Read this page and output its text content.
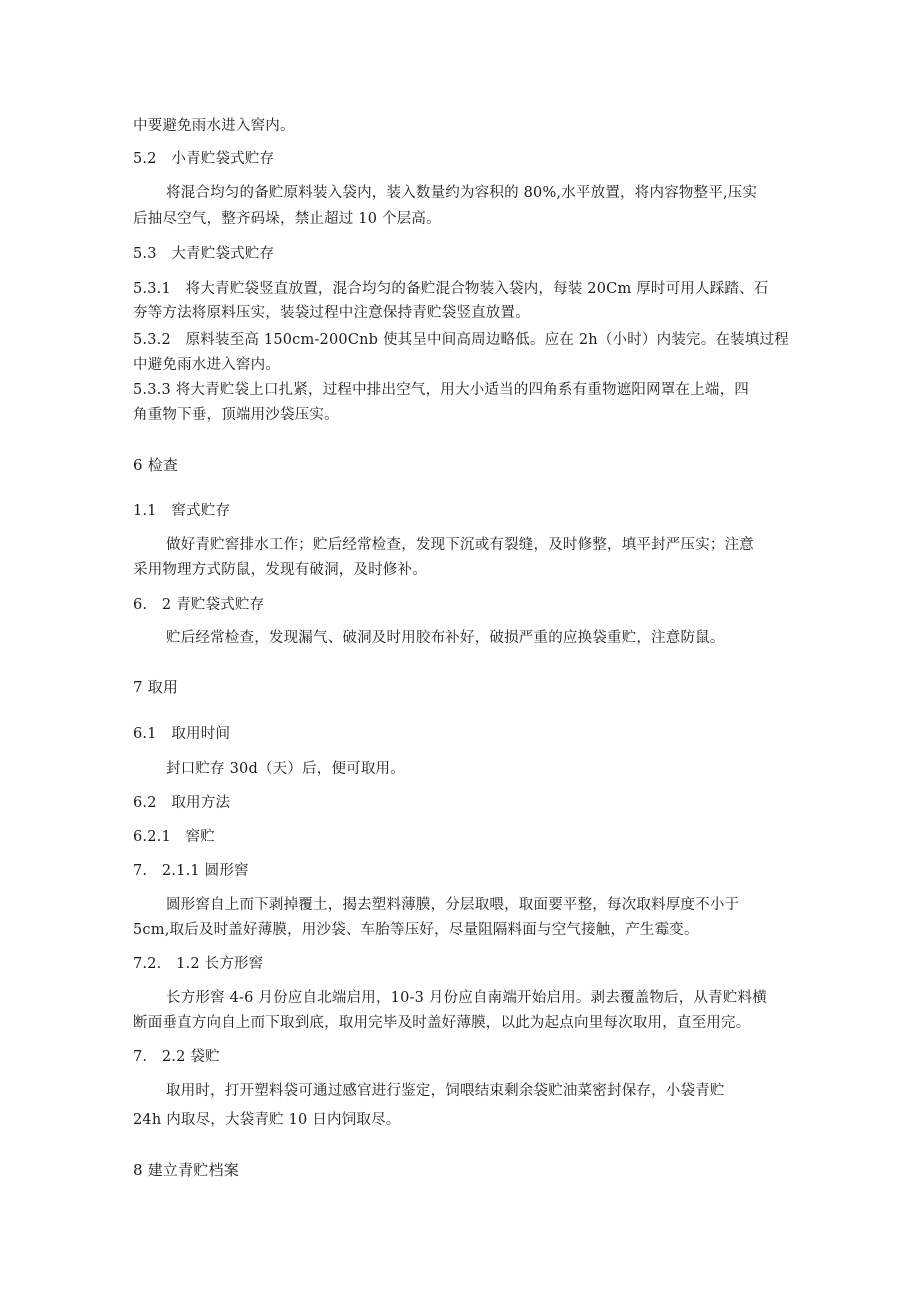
中要避免雨水进入窖内。
5.2　小青贮袋式贮存
将混合均匀的备贮原料装入袋内，装入数量约为容积的 80%,水平放置，将内容物整平,压实
后抽尽空气，整齐码垛，禁止超过 10 个层高。
5.3　大青贮袋式贮存
5.3.1　将大青贮袋竖直放置，混合均匀的备贮混合物装入袋内，每装 20Cm 厚时可用人踩踏、石
夯等方法将原料压实，装袋过程中注意保持青贮袋竖直放置。
5.3.2　原料装至高 150cm-200Cnb 使其呈中间高周边略低。应在 2h（小时）内装完。在装填过程
中避免雨水进入窖内。
5.3.3 将大青贮袋上口扎紧，过程中排出空气，用大小适当的四角系有重物遮阳网罩在上端，四
角重物下垂，顶端用沙袋压实。
6 检查
1.1　窖式贮存
做好青贮窖排水工作；贮后经常检查，发现下沉或有裂缝，及时修整，填平封严压实；注意
采用物理方式防鼠，发现有破洞，及时修补。
6.　2 青贮袋式贮存
贮后经常检查，发现漏气、破洞及时用胶布补好，破损严重的应换袋重贮，注意防鼠。
7 取用
6.1　取用时间
封口贮存 30d（天）后，便可取用。
6.2　取用方法
6.2.1　窖贮
7.　2.1.1 圆形窖
圆形窖自上而下剥掉覆土，揭去塑料薄膜，分层取喂，取面要平整，每次取料厚度不小于
5cm,取后及时盖好薄膜，用沙袋、车胎等压好，尽量阻隔料面与空气接触，产生霉变。
7.2.　1.2 长方形窖
长方形窖 4-6 月份应自北端启用，10-3 月份应自南端开始启用。剥去覆盖物后，从青贮料横
断面垂直方向自上而下取到底，取用完毕及时盖好薄膜，以此为起点向里每次取用，直至用完。
7.　2.2 袋贮
取用时，打开塑料袋可通过感官进行鉴定，饲喂结束剩余袋贮油菜密封保存，小袋青贮
24h 内取尽，大袋青贮 10 日内饲取尽。
8 建立青贮档案
